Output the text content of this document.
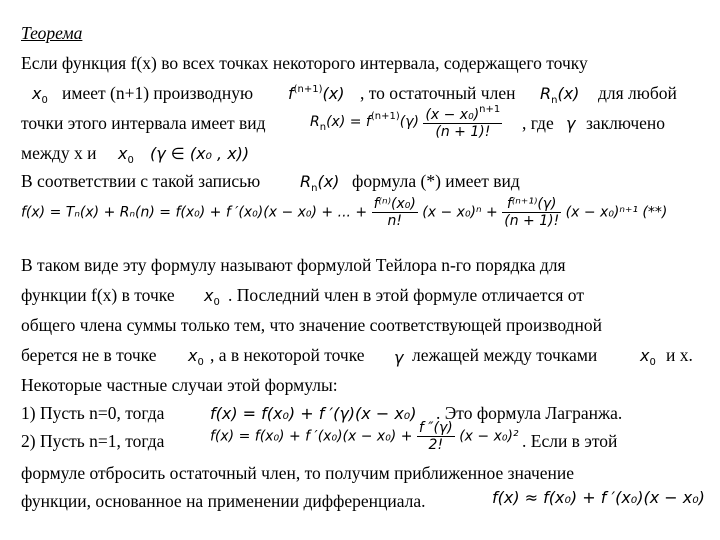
Теорема
Если функция f(x) во всех точках некоторого интервала, содержащего точку
$x_0$ имеет (n+1) производную $f^{(n+1)}(x)$ , то остаточный член $R_n(x)$ для любой
точки этого интервала имеет вид	$R_n(x) = f^{(n+1)}(\gamma) \frac{(x - x_0)^{n+1}}{(n + 1)!}$ , где γ заключено
между x и $x_0$ (γ ∈ (x₀ , x))
В соответствии с такой записью $R_n(x)$ формула (*) имеет вид
f(x) = Tₙ(x) + Rₙ(n) = f(x₀) + f ′(x₀)(x − x₀) + ... + $\frac{\text{f⁽ⁿ⁾(x₀)}}{n!} (x - x_0)^n + \frac{\text{f⁽ⁿ⁺¹⁾(γ)}}{(n + 1)!} (x - x_0)^{n+1}$ (**)
В таком виде эту формулу называют формулой Тейлора n-го порядка для
функции f(x) в точке $x_0$ . Последний член в этой формуле отличается от
общего члена суммы только тем, что значение соответствующей производной
берется не в точке $x_0$ , а в некоторой точке γ лежащей между точками	$x_0$ и x.
Некоторые частные случаи этой формулы:
1) Пусть n=0, тогда	f(x) = f(x₀) + f ′(γ)(x − x₀) . Это формула Лагранжа.
2) Пусть n=1, тогда	f(x) = f(x₀) + f $'(x_0)(x - x_0) + \frac{f ''(\gamma)}{2!} (x - x_0)^2$ . Если в этой
формуле отбросить остаточный член, то получим приближенное значение
функции, основанное на применении дифференциала.	f(x) ≈ f(x₀) + f ′(x₀)(x − x₀)
